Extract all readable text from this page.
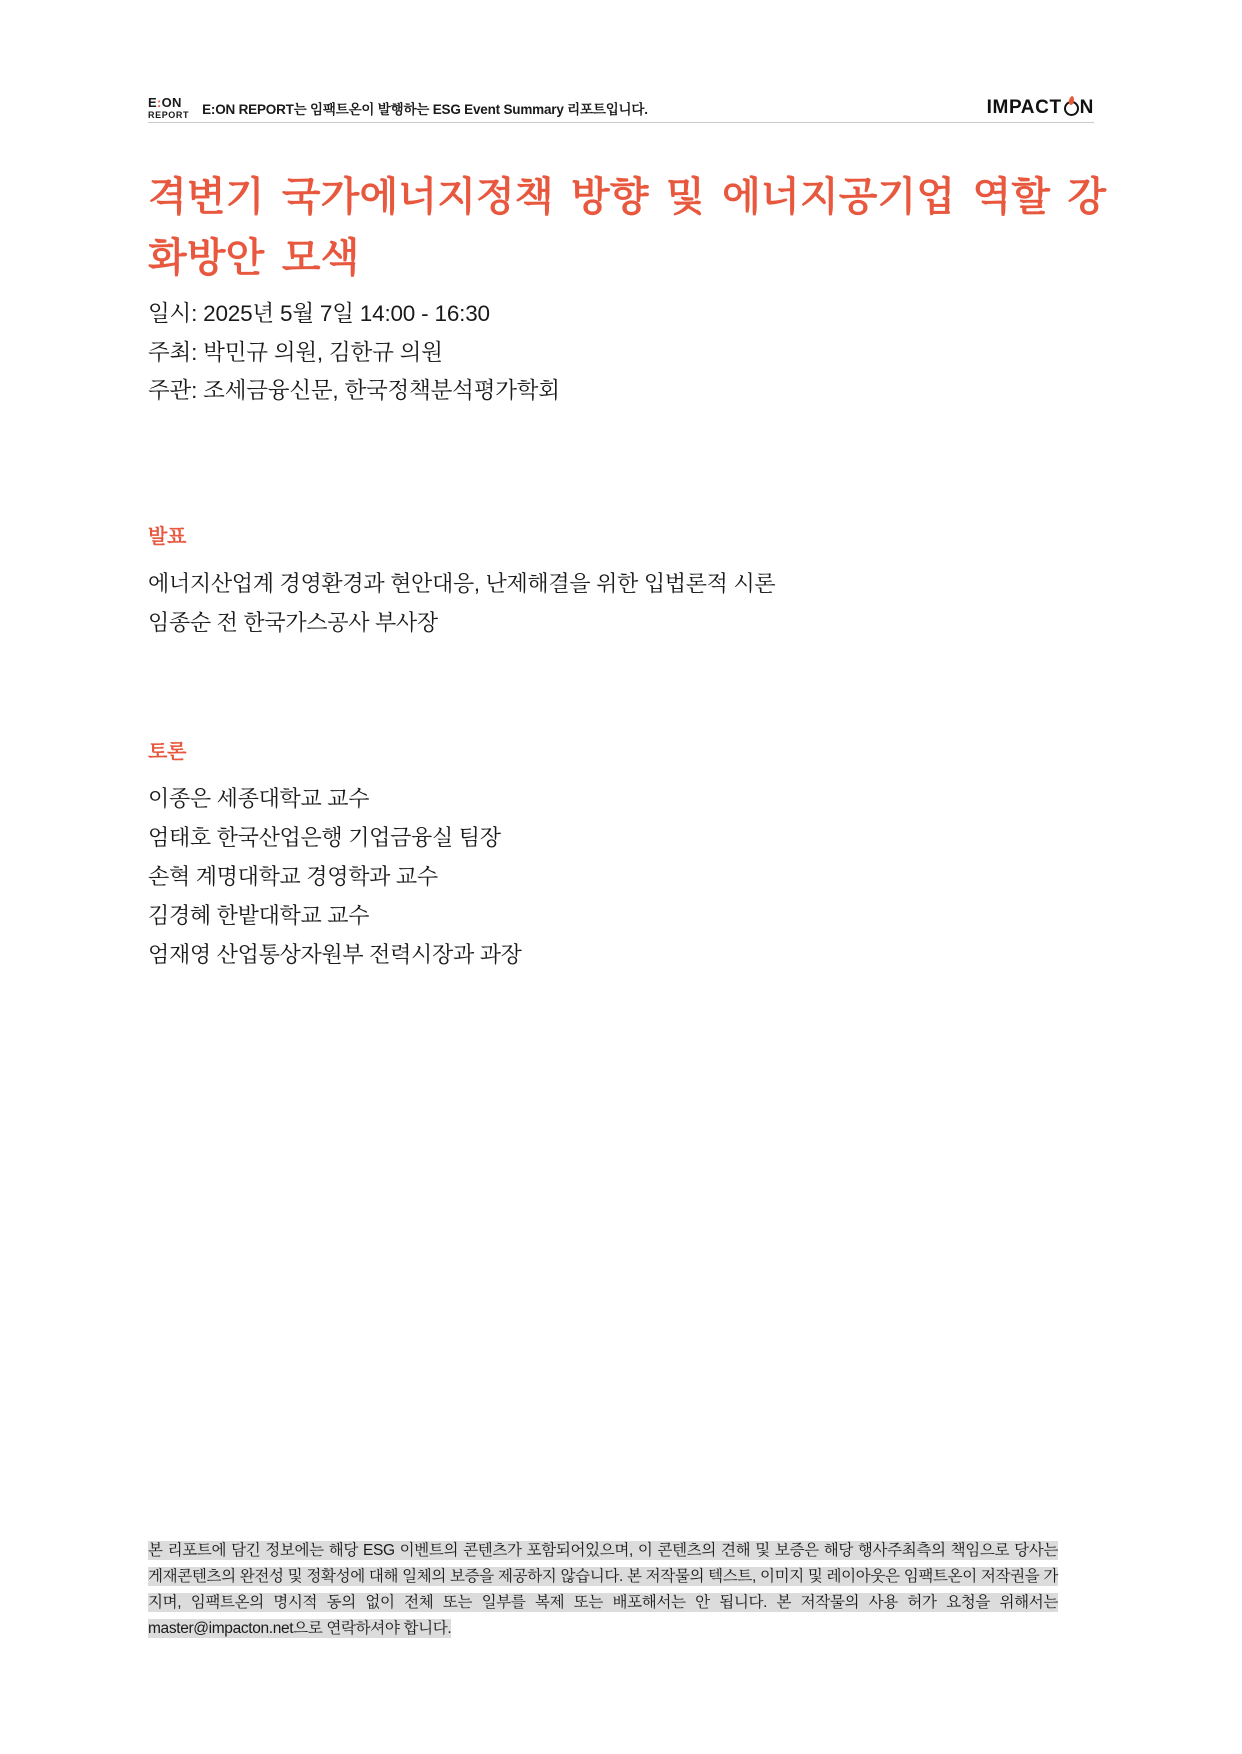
E:ON
REPORT E:ON REPORT는 임팩트온이 발행하는 ESG Event Summary 리포트입니다.	IMPACT N
격변기 국가에너지정책 방향 및 에너지공기업 역할 강화방안 모색
일시: 2025년 5월 7일 14:00 - 16:30
주최: 박민규 의원, 김한규 의원
주관: 조세금융신문, 한국정책분석평가학회
발표
에너지산업계 경영환경과 현안대응, 난제해결을 위한 입법론적 시론
임종순 전 한국가스공사 부사장
토론
이종은 세종대학교 교수
엄태호 한국산업은행 기업금융실 팀장
손혁 계명대학교 경영학과 교수
김경혜 한밭대학교 교수
엄재영 산업통상자원부 전력시장과 과장
본 리포트에 담긴 정보에는 해당 ESG 이벤트의 콘텐츠가 포함되어있으며, 이 콘텐츠의 견해 및 보증은 해당 행사주최측의 책임으로 당사는 게재콘텐츠의 완전성 및 정확성에 대해 일체의 보증을 제공하지 않습니다. 본 저작물의 텍스트, 이미지 및 레이아웃은 임팩트온이 저작권을 가지며, 임팩트온의 명시적 동의 없이 전체 또는 일부를 복제 또는 배포해서는 안 됩니다. 본 저작물의 사용 허가 요청을 위해서는 master@impacton.net으로 연락하셔야 합니다.
